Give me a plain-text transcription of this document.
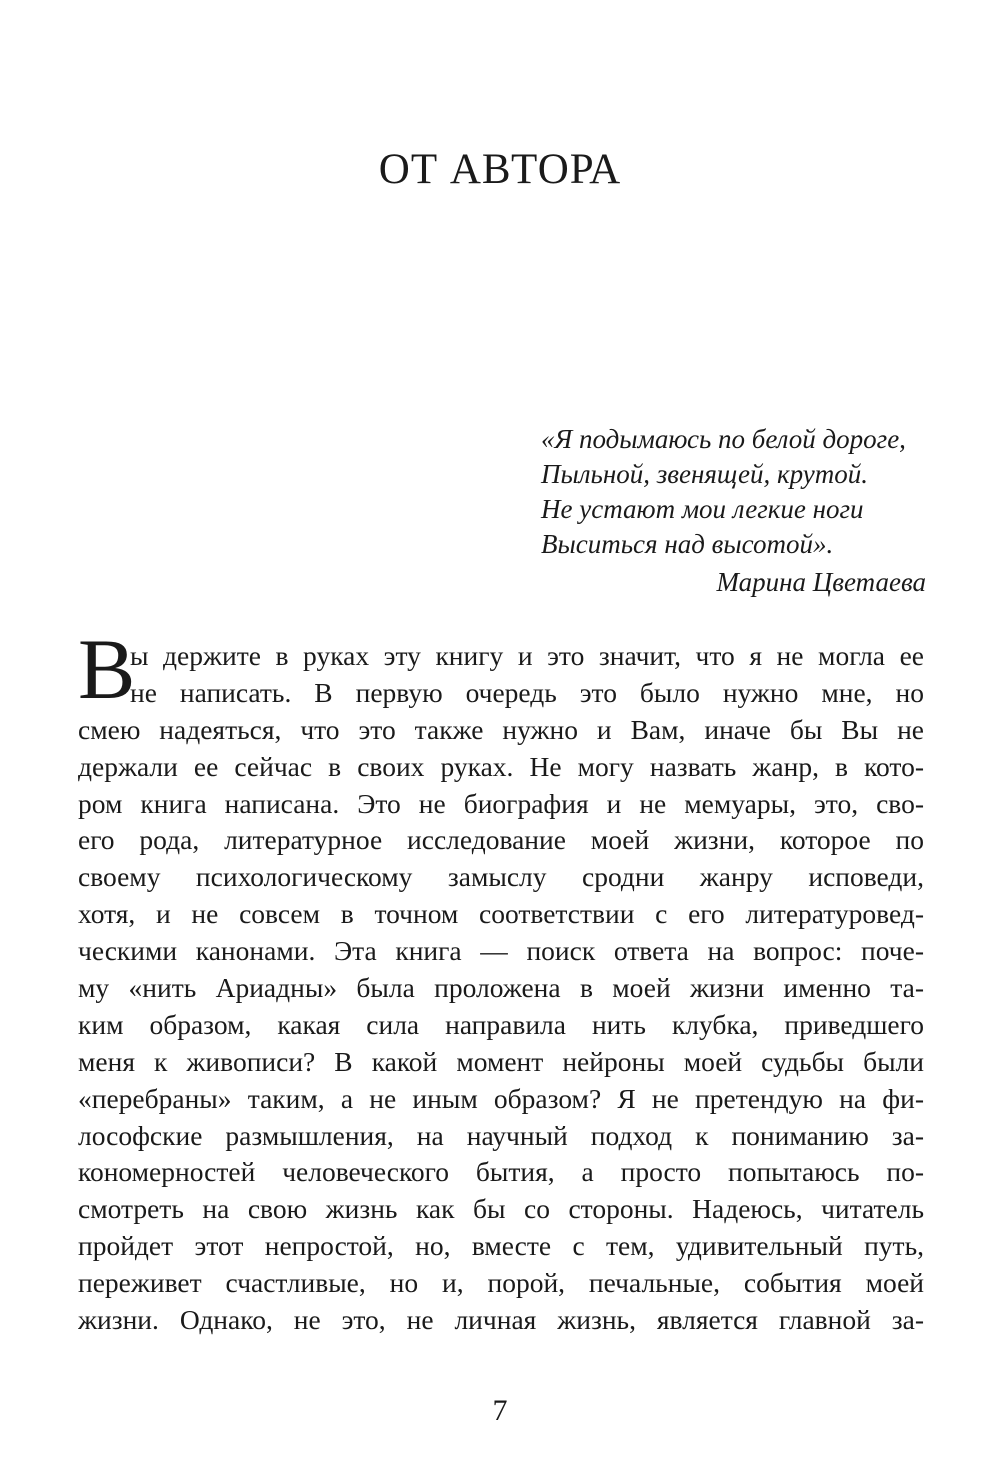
ОТ АВТОРА
«Я подымаюсь по белой дороге,
Пыльной, звенящей, крутой.
Не устают мои легкие ноги
Выситься над высотой».
Марина Цветаева
В
ы держите в руках эту книгу и это значит, что я не могла ее
не написать. В первую очередь это было нужно мне, но
смею надеяться, что это также нужно и Вам, иначе бы Вы не
держали ее сейчас в своих руках. Не могу назвать жанр, в кото-
ром книга написана. Это не биография и не мемуары, это, сво-
его рода, литературное исследование моей жизни, которое по
своему психологическому замыслу сродни жанру исповеди,
хотя, и не совсем в точном соответствии с его литературовед-
ческими канонами. Эта книга — поиск ответа на вопрос: поче-
му «нить Ариадны» была проложена в моей жизни именно та-
ким образом, какая сила направила нить клубка, приведшего
меня к живописи? В какой момент нейроны моей судьбы были
«перебраны» таким, а не иным образом? Я не претендую на фи-
лософские размышления, на научный подход к пониманию за-
кономерностей человеческого бытия, а просто попытаюсь по-
смотреть на свою жизнь как бы со стороны. Надеюсь, читатель
пройдет этот непростой, но, вместе с тем, удивительный путь,
переживет счастливые, но и, порой, печальные, события моей
жизни. Однако, не это, не личная жизнь, является главной за-
7
